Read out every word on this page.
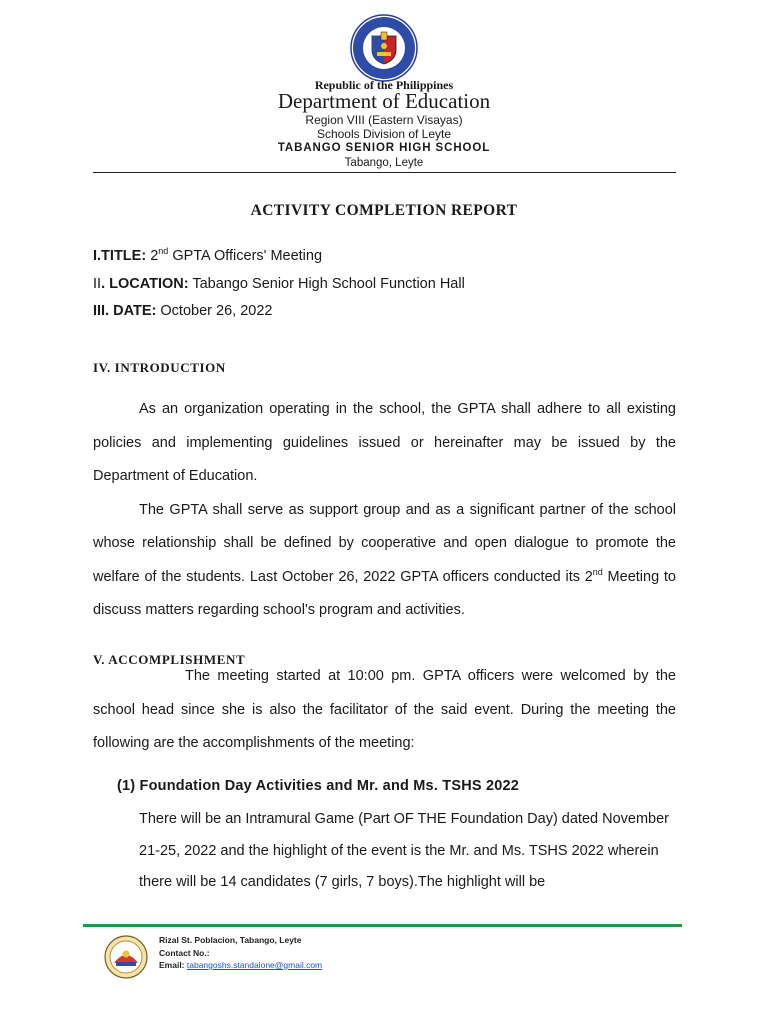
Republic of the Philippines
Department of Education
Region VIII (Eastern Visayas)
Schools Division of Leyte
TABANGO SENIOR HIGH SCHOOL
Tabango, Leyte
ACTIVITY COMPLETION REPORT
I.TITLE: 2nd GPTA Officers' Meeting
II. LOCATION: Tabango Senior High School Function Hall
III. DATE: October 26, 2022
IV. INTRODUCTION

As an organization operating in the school, the GPTA shall adhere to all existing policies and implementing guidelines issued or hereinafter may be issued by the Department of Education.

The GPTA shall serve as support group and as a significant partner of the school whose relationship shall be defined by cooperative and open dialogue to promote the welfare of the students. Last October 26, 2022 GPTA officers conducted its 2nd Meeting to discuss matters regarding school's program and activities.

V. ACCOMPLISHMENT

The meeting started at 10:00 pm. GPTA officers were welcomed by the school head since she is also the facilitator of the said event. During the meeting the following are the accomplishments of the meeting:

(1) Foundation Day Activities and Mr. and Ms. TSHS 2022

There will be an Intramural Game (Part OF THE Foundation Day) dated November 21-25, 2022 and the highlight of the event is the Mr. and Ms. TSHS 2022 wherein there will be 14 candidates (7 girls, 7 boys).The highlight will be

Rizal St. Poblacion, Tabango, Leyte
Contact No.:
Email: tabangoshs.standalone@gmail.com
